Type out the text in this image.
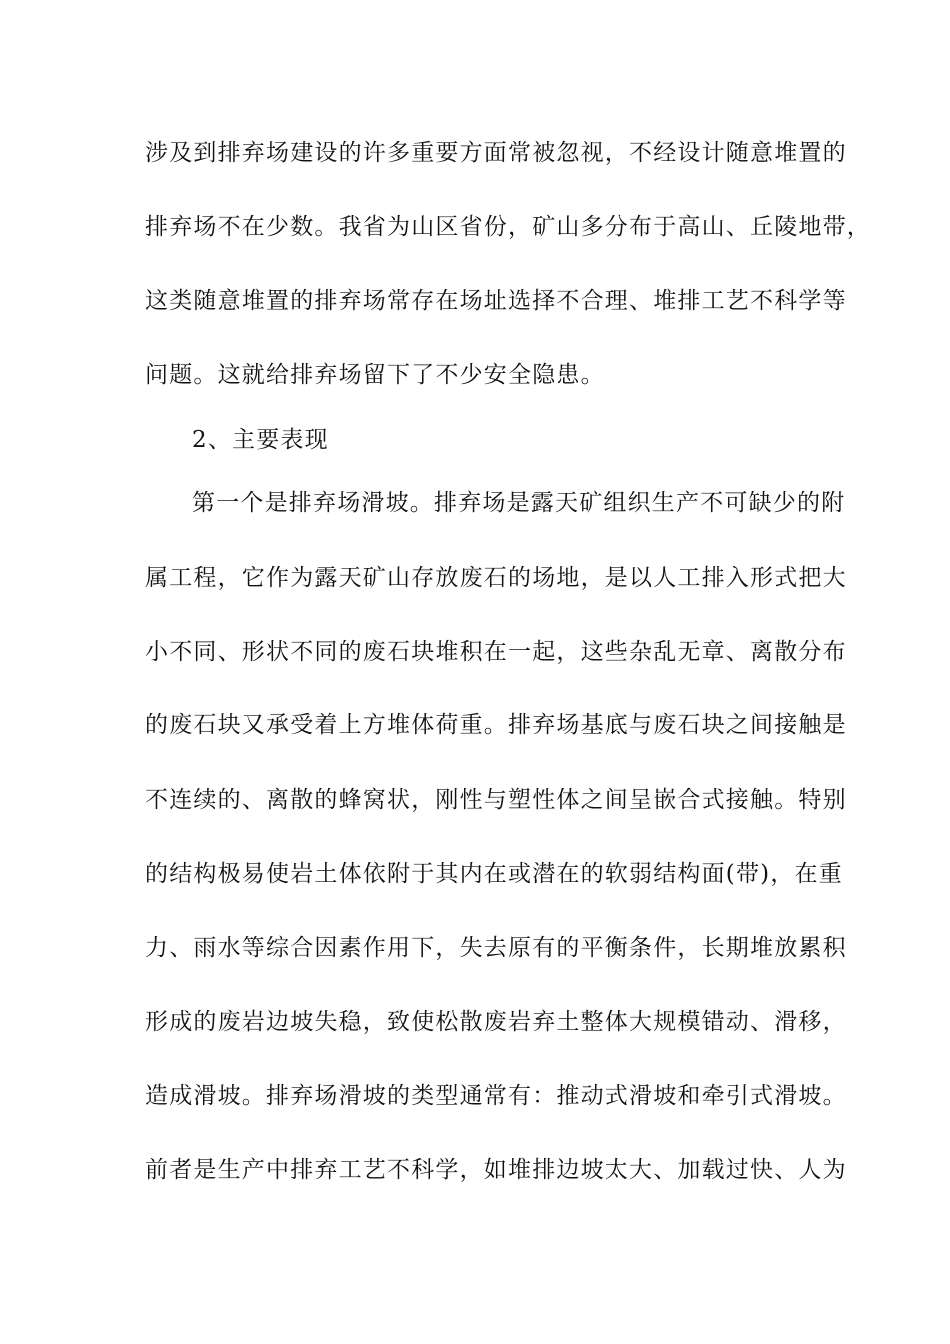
涉及到排弃场建设的许多重要方面常被忽视，不经设计随意堆置的
排弃场不在少数。我省为山区省份，矿山多分布于高山、丘陵地带，
这类随意堆置的排弃场常存在场址选择不合理、堆排工艺不科学等
问题。这就给排弃场留下了不少安全隐患。
2、主要表现
第一个是排弃场滑坡。排弃场是露天矿组织生产不可缺少的附
属工程，它作为露天矿山存放废石的场地，是以人工排入形式把大
小不同、形状不同的废石块堆积在一起，这些杂乱无章、离散分布
的废石块又承受着上方堆体荷重。排弃场基底与废石块之间接触是
不连续的、离散的蜂窝状，刚性与塑性体之间呈嵌合式接触。特别
的结构极易使岩土体依附于其内在或潜在的软弱结构面(带)，在重
力、雨水等综合因素作用下，失去原有的平衡条件，长期堆放累积
形成的废岩边坡失稳，致使松散废岩弃土整体大规模错动、滑移，
造成滑坡。排弃场滑坡的类型通常有：推动式滑坡和牵引式滑坡。
前者是生产中排弃工艺不科学，如堆排边坡太大、加载过快、人为
